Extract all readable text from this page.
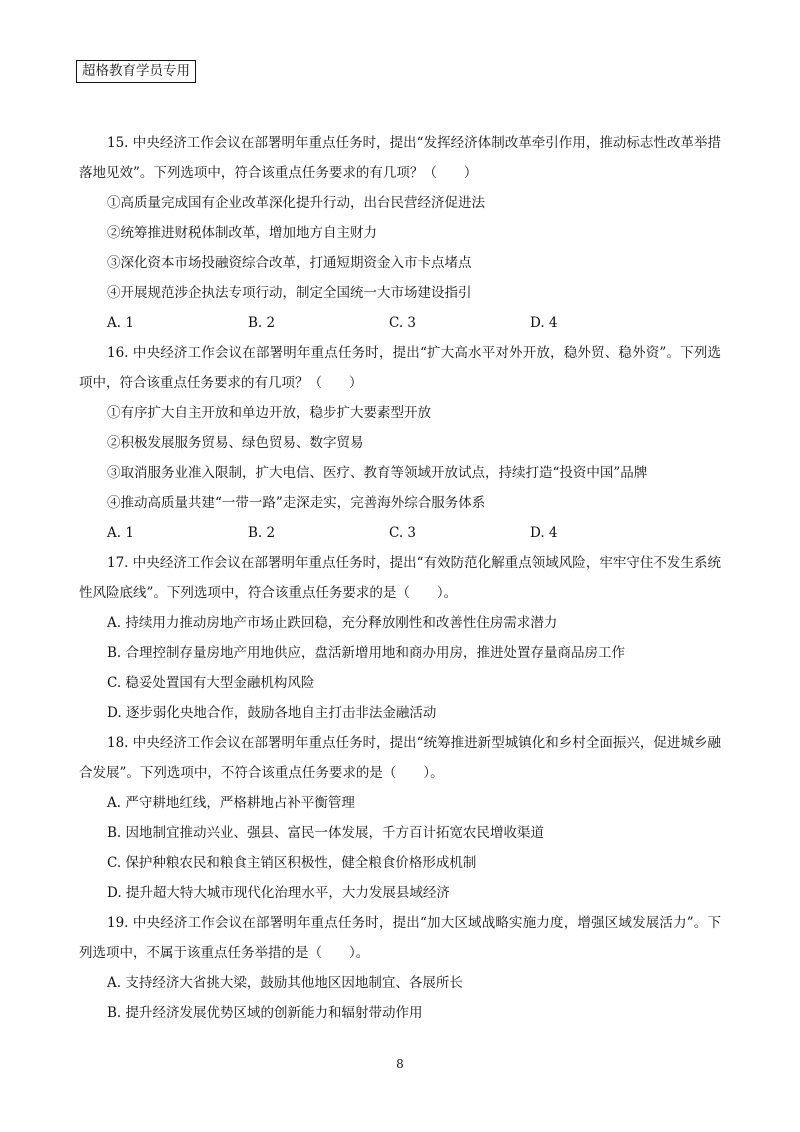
超格教育学员专用
15. 中央经济工作会议在部署明年重点任务时，提出“发挥经济体制改革牵引作用，推动标志性改革举措落地见效”。下列选项中，符合该重点任务要求的有几项？（　　）
①高质量完成国有企业改革深化提升行动，出台民营经济促进法
②统筹推进财税体制改革，增加地方自主财力
③深化资本市场投融资综合改革，打通短期资金入市卡点堵点
④开展规范涉企执法专项行动，制定全国统一大市场建设指引
A. 1	B. 2	C. 3	D. 4
16. 中央经济工作会议在部署明年重点任务时，提出“扩大高水平对外开放，稳外贸、稳外资”。下列选项中，符合该重点任务要求的有几项？（　　）
①有序扩大自主开放和单边开放，稳步扩大要素型开放
②积极发展服务贸易、绿色贸易、数字贸易
③取消服务业准入限制，扩大电信、医疗、教育等领域开放试点，持续打造“投资中国”品牌
④推动高质量共建“一带一路”走深走实，完善海外综合服务体系
A. 1	B. 2	C. 3	D. 4
17. 中央经济工作会议在部署明年重点任务时，提出“有效防范化解重点领域风险，牢牢守住不发生系统性风险底线”。下列选项中，符合该重点任务要求的是（　　）。
A. 持续用力推动房地产市场止跌回稳，充分释放刚性和改善性住房需求潜力
B. 合理控制存量房地产用地供应，盘活新增用地和商办用房，推进处置存量商品房工作
C. 稳妥处置国有大型金融机构风险
D. 逐步弱化央地合作，鼓励各地自主打击非法金融活动
18. 中央经济工作会议在部署明年重点任务时，提出“统筹推进新型城镇化和乡村全面振兴，促进城乡融合发展”。下列选项中，不符合该重点任务要求的是（　　）。
A. 严守耕地红线，严格耕地占补平衡管理
B. 因地制宜推动兴业、强县、富民一体发展，千方百计拓宽农民增收渠道
C. 保护种粮农民和粮食主销区积极性，健全粮食价格形成机制
D. 提升超大特大城市现代化治理水平，大力发展县域经济
19. 中央经济工作会议在部署明年重点任务时，提出“加大区域战略实施力度，增强区域发展活力”。下列选项中，不属于该重点任务举措的是（　　）。
A. 支持经济大省挑大梁，鼓励其他地区因地制宜、各展所长
B. 提升经济发展优势区域的创新能力和辐射带动作用
8
